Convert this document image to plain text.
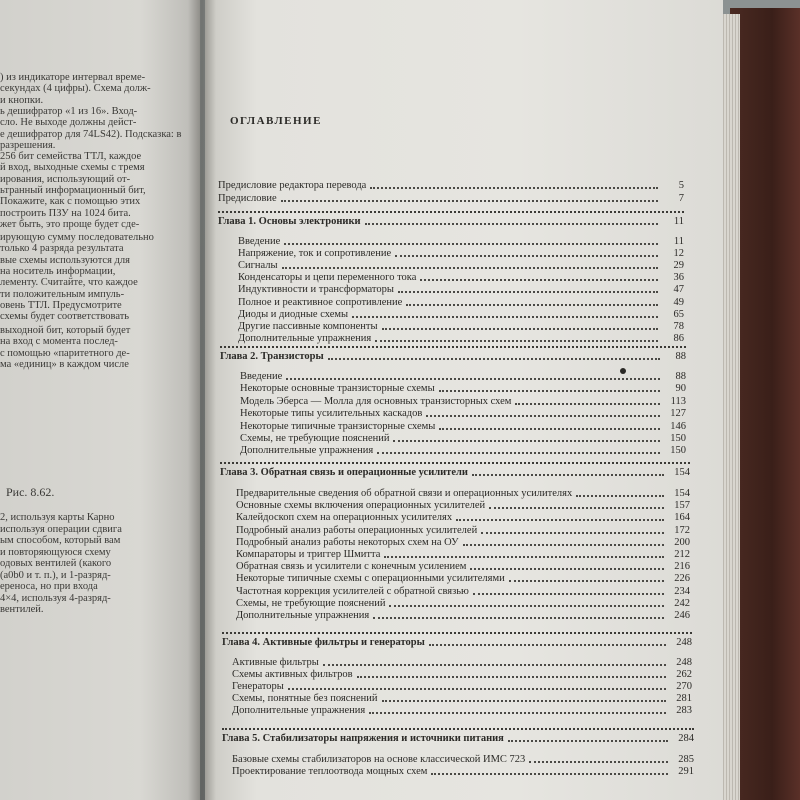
) из индикаторе интервал време-
секундах (4 цифры). Схема долж-
и кнопки.
ь дешифратор «1 из 16». Вход-
сло. Не выходе должны дейст-
е дешифратор для 74LS42). Подсказка: в
разрешения.
256 бит семейства ТТЛ, каждое
й вход, выходные схемы с тремя
ирования, использующий от-
ьтранный информационный бит,
Покажите, как с помощью этих
построить ПЗУ на 1024 бита.
жет быть, это проще будет сде-
ирующую сумму последовательно
только 4 разряда результата
вые схемы используются для
на носитель информации,
лементу. Считайте, что каждое
ти положительным импуль-
овень ТТЛ. Предусмотрите
схемы будет соответствовать
выходной бит, который будет
на вход с момента послед-
с помощью «паритетного де-
ма «единиц» в каждом числе
Рис. 8.62.
2, используя карты Карно
используя операции сдвига
ым способом, который вам
и повторяющуюся схему
одовых вентилей (какого
(a0b0 и т. п.), и 1-разряд-
ереноса, но при входа
4×4, используя 4-разряд-
вентилей.
ОГЛАВЛЕНИЕ
Предисловие редактора перевода	5
Предисловие	7
Глава 1. Основы электроники	11
Введение	11
Напряжение, ток и сопротивление	12
Сигналы	29
Конденсаторы и цепи переменного тока	36
Индуктивности и трансформаторы	47
Полное и реактивное сопротивление	49
Диоды и диодные схемы	65
Другие пассивные компоненты	78
Дополнительные упражнения	86
Глава 2. Транзисторы	88
Введение	88
Некоторые основные транзисторные схемы	90
Модель Эберса — Молла для основных транзисторных схем	113
Некоторые типы усилительных каскадов	127
Некоторые типичные транзисторные схемы	146
Схемы, не требующие пояснений	150
Дополнительные упражнения	150
Глава 3. Обратная связь и операционные усилители	154
Предварительные сведения об обратной связи и операционных усилителях	154
Основные схемы включения операционных усилителей	157
Калейдоскоп схем на операционных усилителях	164
Подробный анализ работы операционных усилителей	172
Подробный анализ работы некоторых схем на ОУ	200
Компараторы и триггер Шмитта	212
Обратная связь и усилители с конечным усилением	216
Некоторые типичные схемы с операционными усилителями	226
Частотная коррекция усилителей с обратной связью	234
Схемы, не требующие пояснений	242
Дополнительные упражнения	246
Глава 4. Активные фильтры и генераторы	248
Активные фильтры	248
Схемы активных фильтров	262
Генераторы	270
Схемы, понятные без пояснений	281
Дополнительные упражнения	283
Глава 5. Стабилизаторы напряжения и источники питания	284
Базовые схемы стабилизаторов на основе классической ИМС 723	285
Проектирование теплоотвода мощных схем	291
